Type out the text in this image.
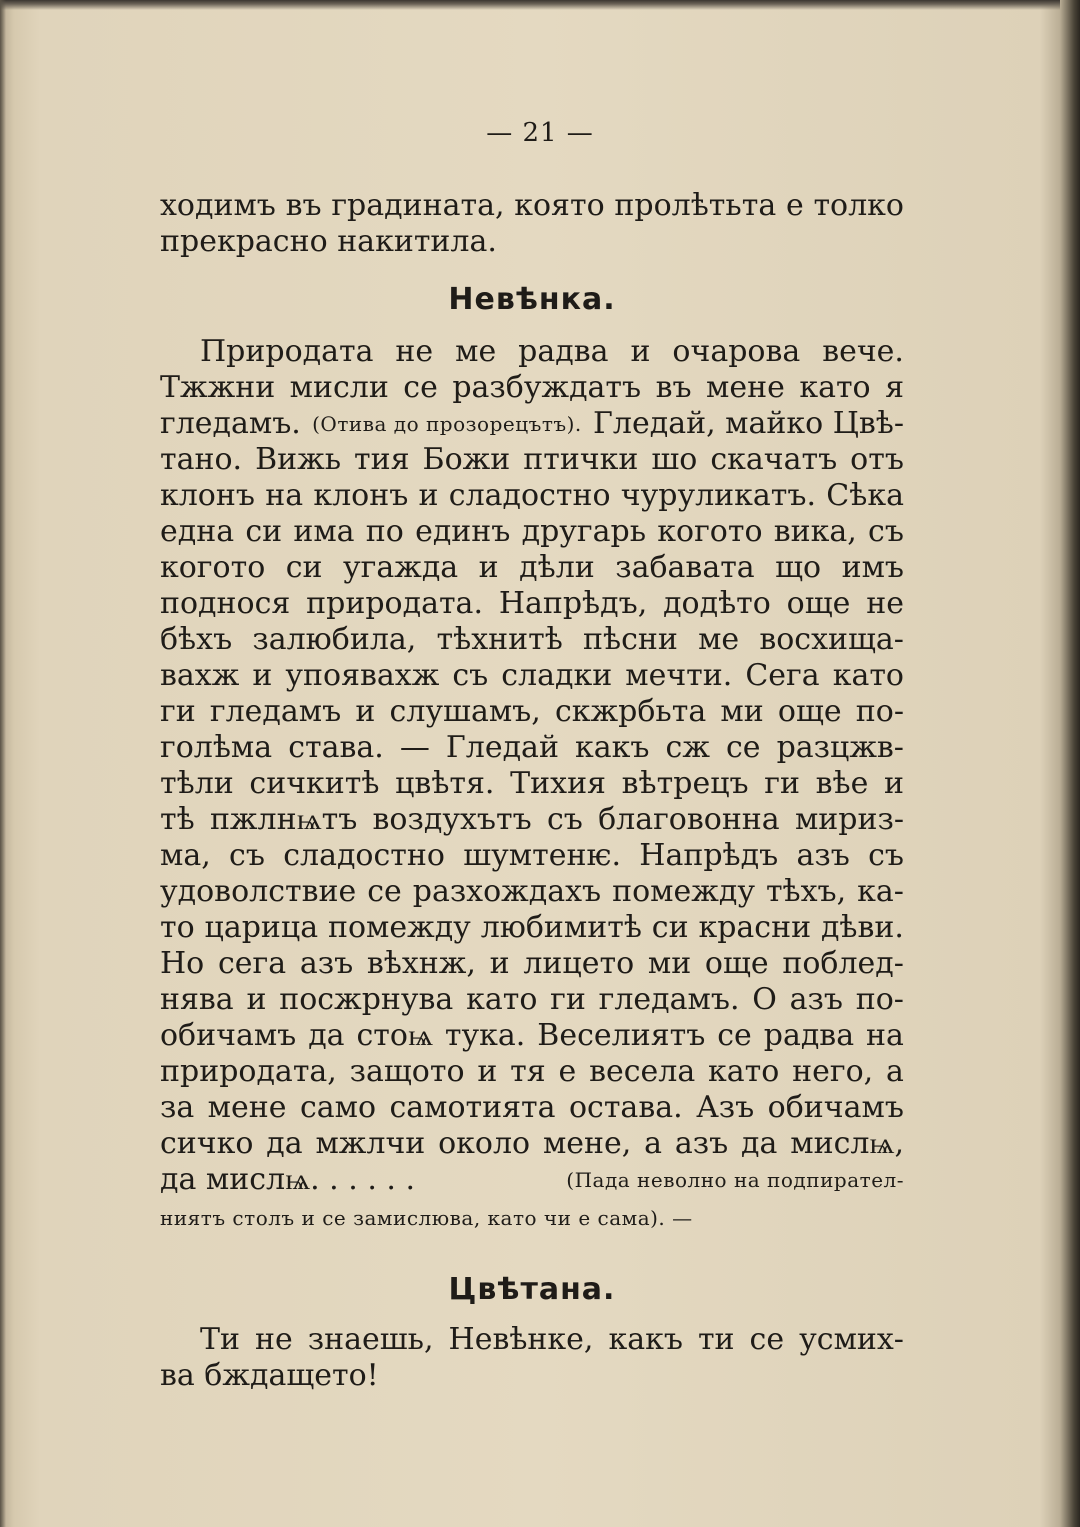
— 21 —
ходимъ въ градината, която пролѣтьта е толко
прекрасно накитила.
Невѣнка.
Природата не ме радва и очарова вече.
Тжжни мисли се разбуждатъ въ мене като я
гледамъ. (Отива до прозорецътъ). Гледай, майко Цвѣ-
тано. Вижь тия Божи птички шо скачатъ отъ
клонъ на клонъ и сладостно чуруликатъ. Сѣка
една си има по единъ другарь когото вика, съ
когото си угажда и дѣли забавата що имъ
поднося природата. Напрѣдъ, додѣто още не
бѣхъ залюбила, тѣхнитѣ пѣсни ме восхища-
вахж и упоявахж съ сладки мечти. Сега като
ги гледамъ и слушамъ, скжрбьта ми още по-
голѣма става. — Гледай какъ сж се разцжв-
тѣли сичкитѣ цвѣтя. Тихия вѣтрецъ ги вѣе и
тѣ пжлнѩтъ воздухътъ съ благовонна мириз-
ма, съ сладостно шумтенѥ. Напрѣдъ азъ съ
удоволствие се разхождахъ помежду тѣхъ, ка-
то царица помежду любимитѣ си красни дѣви.
Но сега азъ вѣхнж, и лицето ми още поблед-
нява и посжрнува като ги гледамъ. О азъ по-
обичамъ да стоѩ тука. Веселиятъ се радва на
природата, защото и тя е весела като него, а
за мене само самотията остава. Азъ обичамъ
сичко да мжлчи около мене, а азъ да мислѩ,
да мислѩ. . . . . .	(Пада неволно на подпирател-
ниятъ столъ и се замислюва, като чи е сама). —
Цвѣтана.
Ти не знаешь, Невѣнке, какъ ти се усмих-
ва бждащето!
